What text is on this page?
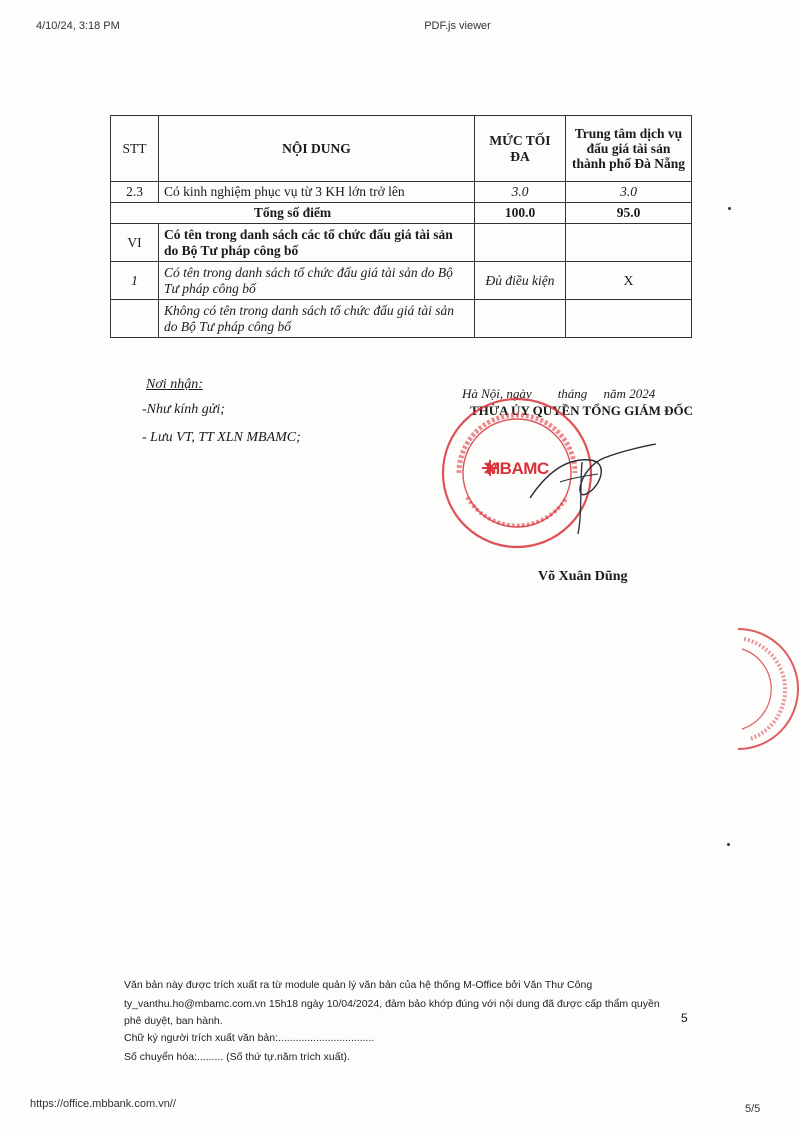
4/10/24, 3:18 PM	PDF.js viewer
STT	NỘI DUNG	MỨC TỐI ĐA	Trung tâm dịch vụ đấu giá tài sản thành phố Đà Nẵng
2.3	Có kinh nghiệm phục vụ từ 3 KH lớn trở lên	3.0	3.0
Tổng số điểm		100.0	95.0
VI	Có tên trong danh sách các tổ chức đấu giá tài sản do Bộ Tư pháp công bố		
1	Có tên trong danh sách tổ chức đấu giá tài sản do Bộ Tư pháp công bố	Đủ điều kiện	X
	Không có tên trong danh sách tổ chức đấu giá tài sản do Bộ Tư pháp công bố		
Nơi nhận:
-Như kính gửi;
- Lưu VT, TT XLN MBAMC;
Hà Nội, ngày        tháng     năm 2024
THỪA ỦY QUYỀN TỔNG GIÁM ĐỐC
MBAMC
Võ Xuân Dũng
Văn bản này được trích xuất ra từ module quản lý văn bản của hệ thống M-Office bởi Văn Thư Công
ty_vanthu.ho@mbamc.com.vn 15h18 ngày 10/04/2024, đảm bảo khớp đúng với nội dung đã được cấp thẩm quyền
phê duyệt, ban hành.
Chữ ký người trích xuất văn bản:.................................
Số chuyển hóa:......... (Số thứ tự.năm trích xuất).
5
https://office.mbbank.com.vn//	5/5
